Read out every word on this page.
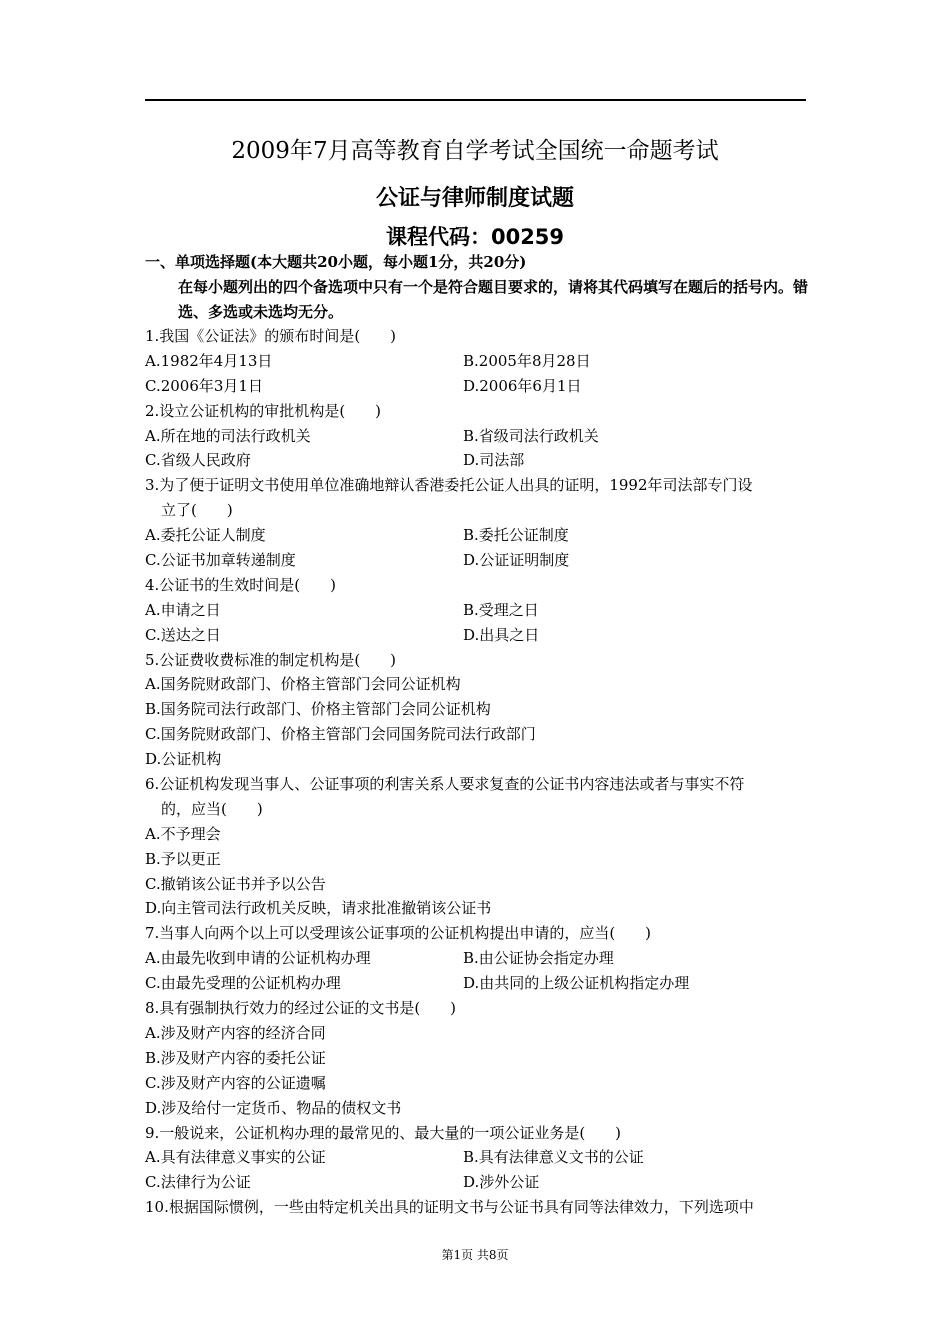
2009年7月高等教育自学考试全国统一命题考试
公证与律师制度试题
课程代码：00259
一、单项选择题(本大题共20小题，每小题1分，共20分)
在每小题列出的四个备选项中只有一个是符合题目要求的，请将其代码填写在题后的括号内。错选、多选或未选均无分。
1.我国《公证法》的颁布时间是(　　)
A.1982年4月13日	B.2005年8月28日
C.2006年3月1日	D.2006年6月1日
2.设立公证机构的审批机构是(　　)
A.所在地的司法行政机关	B.省级司法行政机关
C.省级人民政府	D.司法部
3.为了便于证明文书使用单位准确地辩认香港委托公证人出具的证明，1992年司法部专门设
立了(　　)
A.委托公证人制度	B.委托公证制度
C.公证书加章转递制度	D.公证证明制度
4.公证书的生效时间是(　　)
A.申请之日	B.受理之日
C.送达之日	D.出具之日
5.公证费收费标准的制定机构是(　　)
A.国务院财政部门、价格主管部门会同公证机构
B.国务院司法行政部门、价格主管部门会同公证机构
C.国务院财政部门、价格主管部门会同国务院司法行政部门
D.公证机构
6.公证机构发现当事人、公证事项的利害关系人要求复查的公证书内容违法或者与事实不符
的，应当(　　)
A.不予理会
B.予以更正
C.撤销该公证书并予以公告
D.向主管司法行政机关反映，请求批准撤销该公证书
7.当事人向两个以上可以受理该公证事项的公证机构提出申请的，应当(　　)
A.由最先收到申请的公证机构办理	B.由公证协会指定办理
C.由最先受理的公证机构办理	D.由共同的上级公证机构指定办理
8.具有强制执行效力的经过公证的文书是(　　)
A.涉及财产内容的经济合同
B.涉及财产内容的委托公证
C.涉及财产内容的公证遗嘱
D.涉及给付一定货币、物品的债权文书
9.一般说来，公证机构办理的最常见的、最大量的一项公证业务是(　　)
A.具有法律意义事实的公证	B.具有法律意义文书的公证
C.法律行为公证	D.涉外公证
10.根据国际惯例，一些由特定机关出具的证明文书与公证书具有同等法律效力，下列选项中
第1页 共8页
